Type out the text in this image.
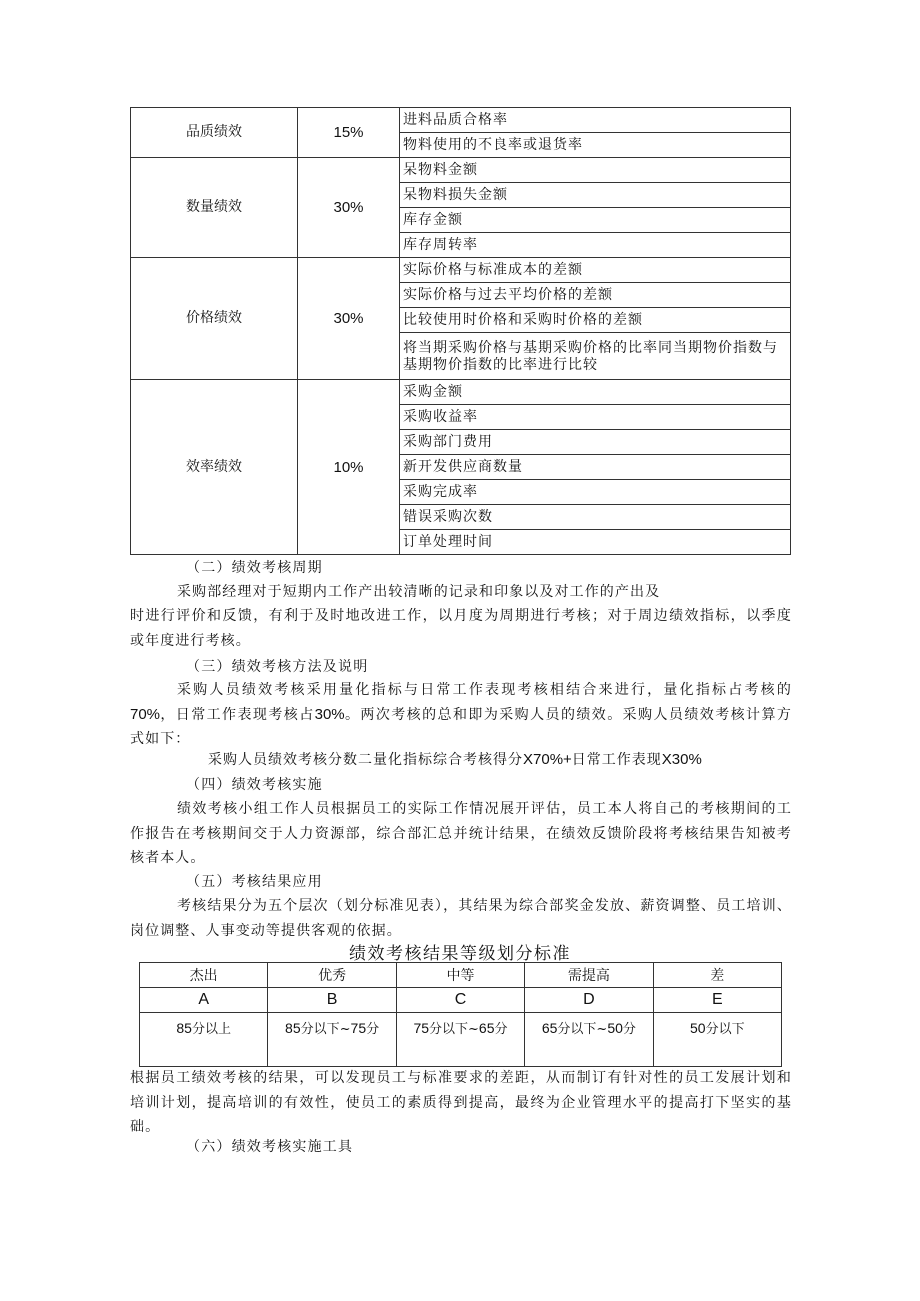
品质绩效	15%	进料品质合格率
		物料使用的不良率或退货率
数量绩效	30%	呆物料金额
		呆物料损失金额
		库存金额
		库存周转率
价格绩效	30%	实际价格与标准成本的差额
		实际价格与过去平均价格的差额
		比较使用时价格和采购时价格的差额
		将当期采购价格与基期采购价格的比率同当期物价指数与基期物价指数的比率进行比较
效率绩效	10%	采购金额
		采购收益率
		采购部门费用
		新开发供应商数量
		采购完成率
		错误采购次数
		订单处理时间
（二）绩效考核周期
采购部经理对于短期内工作产出较清晰的记录和印象以及对工作的产出及
时进行评价和反馈，有利于及时地改进工作，以月度为周期进行考核；对于周边绩效指标，以季度或年度进行考核。
（三）绩效考核方法及说明
采购人员绩效考核采用量化指标与日常工作表现考核相结合来进行，量化指标占考核的70%，日常工作表现考核占30%。两次考核的总和即为采购人员的绩效。采购人员绩效考核计算方式如下：
采购人员绩效考核分数二量化指标综合考核得分X70%+日常工作表现X30%
（四）绩效考核实施
绩效考核小组工作人员根据员工的实际工作情况展开评估，员工本人将自己的考核期间的工作报告在考核期间交于人力资源部，综合部汇总并统计结果，在绩效反馈阶段将考核结果告知被考核者本人。
（五）考核结果应用
考核结果分为五个层次（划分标准见表），其结果为综合部奖金发放、薪资调整、员工培训、岗位调整、人事变动等提供客观的依据。
绩效考核结果等级划分标准
杰出	优秀	中等	需提高	差
A	B	C	D	E
85分以上	85分以下~75分	75分以下~65分	65分以下~50分	50分以下
根据员工绩效考核的结果，可以发现员工与标准要求的差距，从而制订有针对性的员工发展计划和培训计划，提高培训的有效性，使员工的素质得到提高，最终为企业管理水平的提高打下坚实的基础。
（六）绩效考核实施工具
